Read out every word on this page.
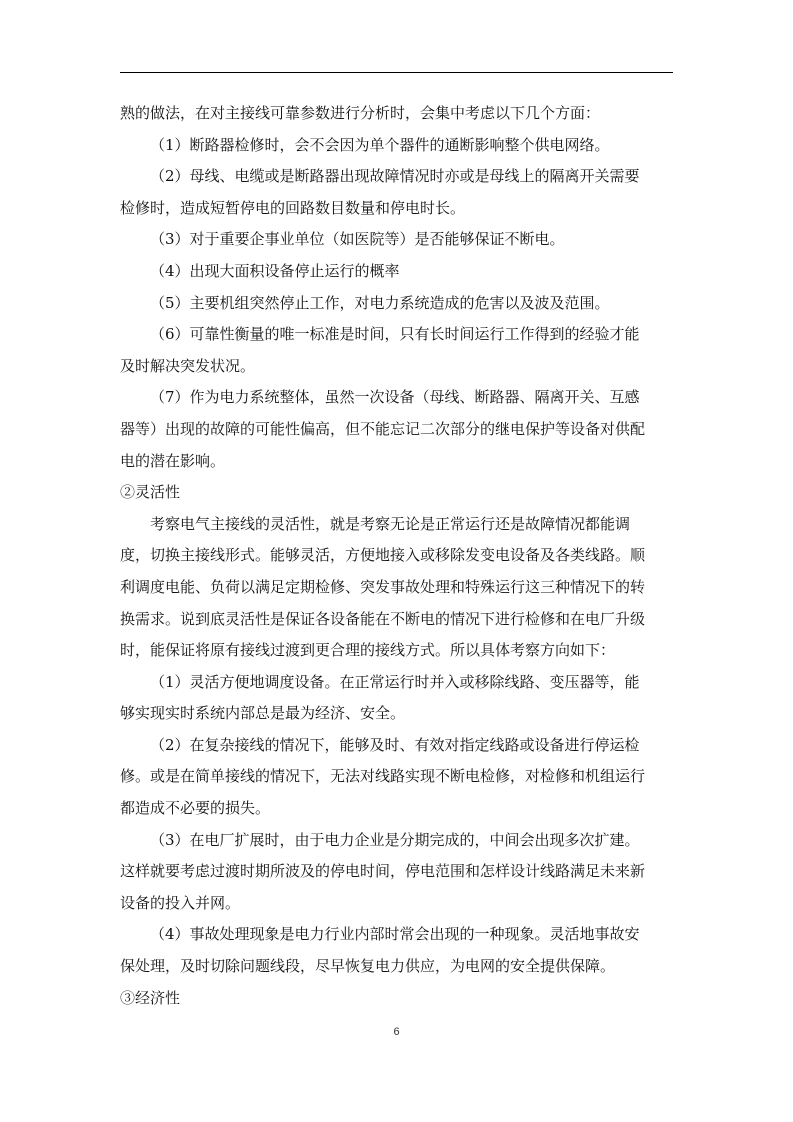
熟的做法，在对主接线可靠参数进行分析时，会集中考虑以下几个方面：

（1）断路器检修时，会不会因为单个器件的通断影响整个供电网络。

（2）母线、电缆或是断路器出现故障情况时亦或是母线上的隔离开关需要

检修时，造成短暂停电的回路数目数量和停电时长。

（3）对于重要企事业单位（如医院等）是否能够保证不断电。

（4）出现大面积设备停止运行的概率

（5）主要机组突然停止工作，对电力系统造成的危害以及波及范围。

（6）可靠性衡量的唯一标准是时间，只有长时间运行工作得到的经验才能

及时解决突发状况。

（7）作为电力系统整体，虽然一次设备（母线、断路器、隔离开关、互感

器等）出现的故障的可能性偏高，但不能忘记二次部分的继电保护等设备对供配

电的潜在影响。

②灵活性

考察电气主接线的灵活性，就是考察无论是正常运行还是故障情况都能调

度，切换主接线形式。能够灵活，方便地接入或移除发变电设备及各类线路。顺

利调度电能、负荷以满足定期检修、突发事故处理和特殊运行这三种情况下的转

换需求。说到底灵活性是保证各设备能在不断电的情况下进行检修和在电厂升级

时，能保证将原有接线过渡到更合理的接线方式。所以具体考察方向如下：

（1）灵活方便地调度设备。在正常运行时并入或移除线路、变压器等，能

够实现实时系统内部总是最为经济、安全。

（2）在复杂接线的情况下，能够及时、有效对指定线路或设备进行停运检

修。或是在简单接线的情况下，无法对线路实现不断电检修，对检修和机组运行

都造成不必要的损失。

（3）在电厂扩展时，由于电力企业是分期完成的，中间会出现多次扩建。

这样就要考虑过渡时期所波及的停电时间，停电范围和怎样设计线路满足未来新

设备的投入并网。

（4）事故处理现象是电力行业内部时常会出现的一种现象。灵活地事故安

保处理，及时切除问题线段，尽早恢复电力供应，为电网的安全提供保障。

③经济性

6
